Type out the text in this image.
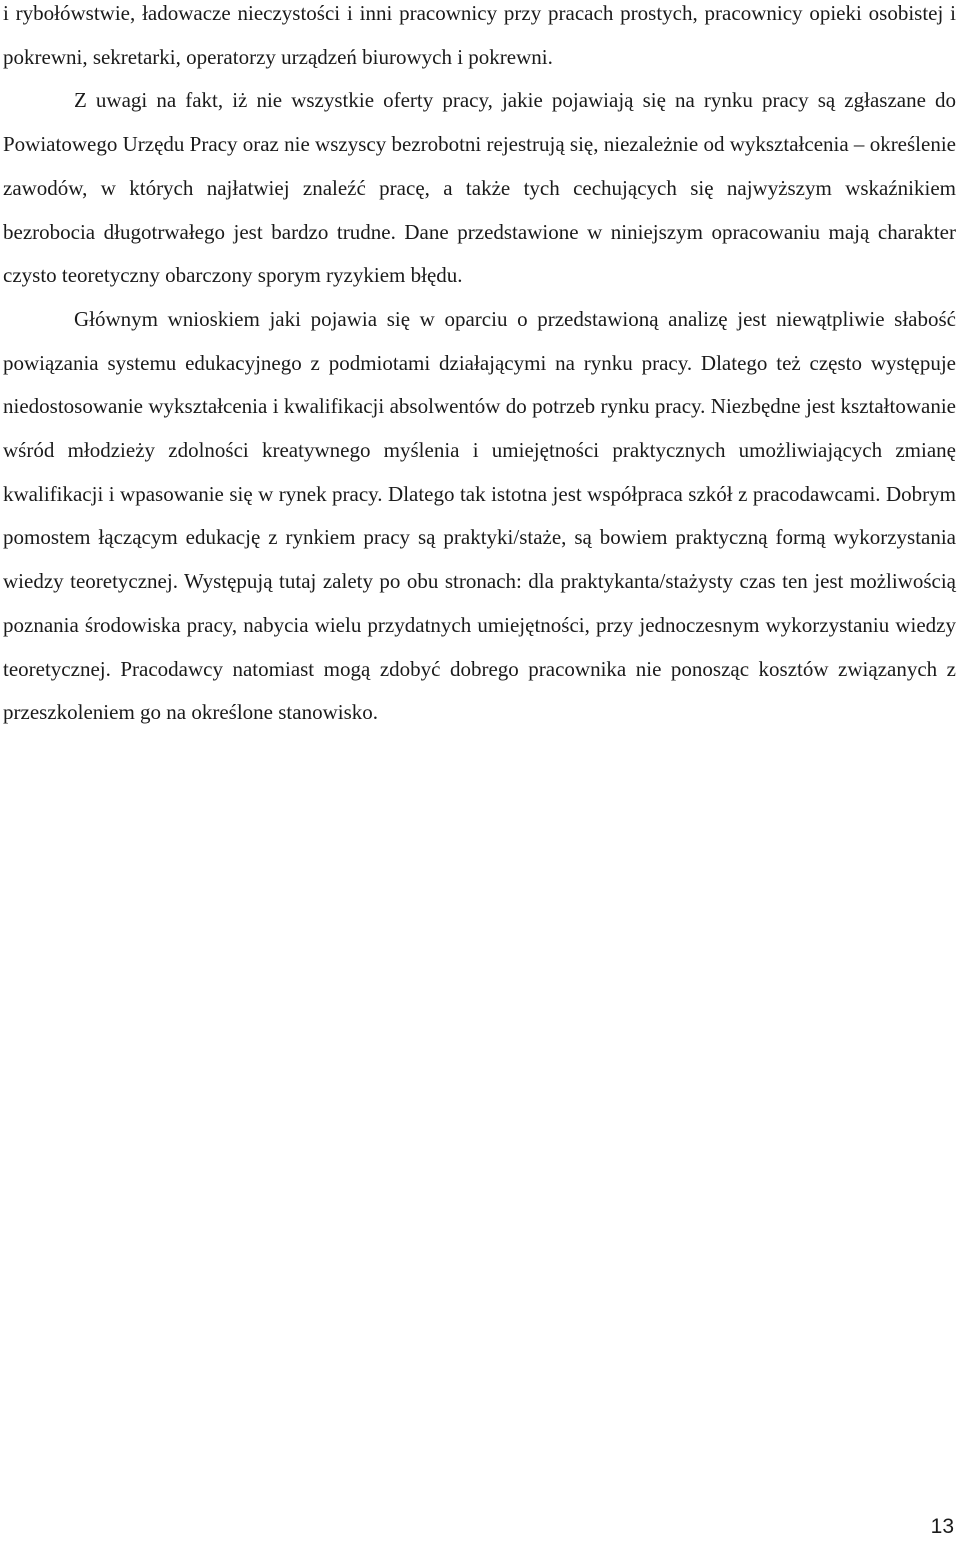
i rybołówstwie, ładowacze nieczystości i inni pracownicy przy pracach prostych, pracownicy opieki osobistej i pokrewni, sekretarki, operatorzy urządzeń biurowych i pokrewni.

Z uwagi na fakt, iż nie wszystkie oferty pracy, jakie pojawiają się na rynku pracy są zgłaszane do Powiatowego Urzędu Pracy oraz nie wszyscy bezrobotni rejestrują się, niezależnie od wykształcenia – określenie zawodów, w których najłatwiej znaleźć pracę, a także tych cechujących się najwyższym wskaźnikiem bezrobocia długotrwałego jest bardzo trudne. Dane przedstawione w niniejszym opracowaniu mają charakter czysto teoretyczny obarczony sporym ryzykiem błędu.

Głównym wnioskiem jaki pojawia się w oparciu o przedstawioną analizę jest niewątpliwie słabość powiązania systemu edukacyjnego z podmiotami działającymi na rynku pracy. Dlatego też często występuje niedostosowanie wykształcenia i kwalifikacji absolwentów do potrzeb rynku pracy. Niezbędne jest kształtowanie wśród młodzieży zdolności kreatywnego myślenia i umiejętności praktycznych umożliwiających zmianę kwalifikacji i wpasowanie się w rynek pracy. Dlatego tak istotna jest współpraca szkół z pracodawcami. Dobrym pomostem łączącym edukację z rynkiem pracy są praktyki/staże, są bowiem praktyczną formą wykorzystania wiedzy teoretycznej. Występują tutaj zalety po obu stronach: dla praktykanta/stażysty czas ten jest możliwością poznania środowiska pracy, nabycia wielu przydatnych umiejętności, przy jednoczesnym wykorzystaniu wiedzy teoretycznej. Pracodawcy natomiast mogą zdobyć dobrego pracownika nie ponosząc kosztów związanych z przeszkoleniem go na określone stanowisko.

13
